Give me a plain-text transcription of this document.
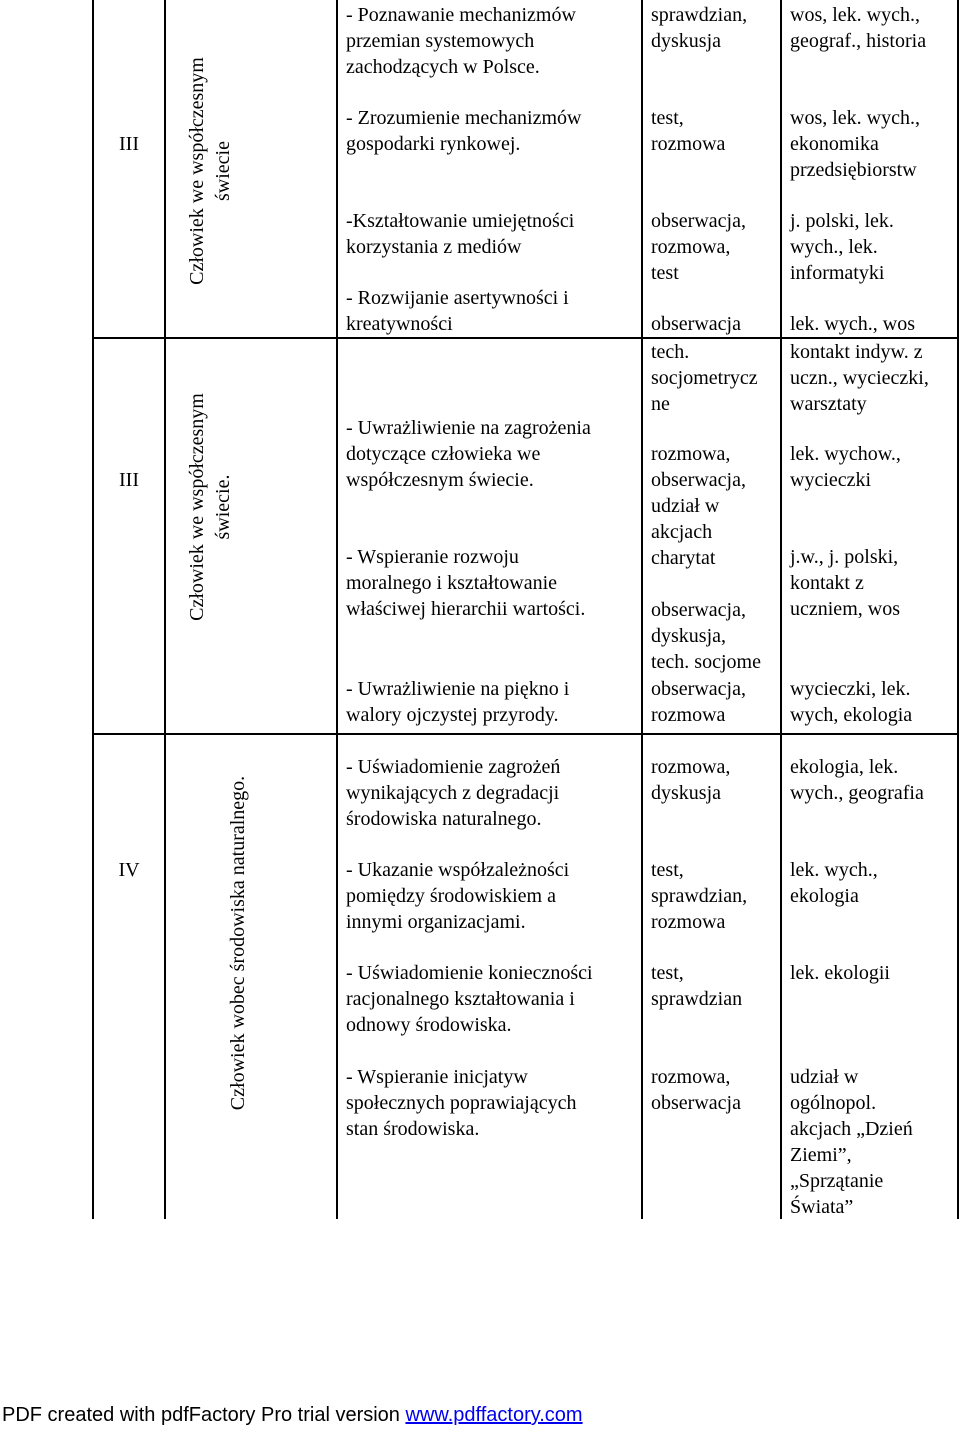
III
Człowiek we współczesnym
świecie
- Poznawanie mechanizmów
przemian systemowych
zachodzących w Polsce.
- Zrozumienie mechanizmów
gospodarki rynkowej.
-Kształtowanie umiejętności
korzystania z mediów
- Rozwijanie asertywności i
kreatywności
sprawdzian,
dyskusja
test,
rozmowa
obserwacja,
rozmowa,
test
obserwacja
wos, lek. wych.,
geograf., historia
wos, lek. wych.,
ekonomika
przedsiębiorstw
j. polski, lek.
wych., lek.
informatyki
lek. wych., wos
III
Człowiek we współczesnym
świecie.
- Uwrażliwienie na zagrożenia
dotyczące człowieka we
współczesnym świecie.
- Wspieranie rozwoju
moralnego i kształtowanie
właściwej hierarchii wartości.
- Uwrażliwienie na piękno i
walory ojczystej przyrody.
tech.
socjometrycz
ne
rozmowa,
obserwacja,
udział w
akcjach
charytat
obserwacja,
dyskusja,
tech. socjome
obserwacja,
rozmowa
kontakt indyw. z
uczn., wycieczki,
warsztaty
lek. wychow.,
wycieczki
j.w., j. polski,
kontakt z
uczniem, wos
wycieczki, lek.
wych, ekologia
IV	Człowiek wobec środowiska naturalnego.
- Uświadomienie zagrożeń
wynikających z degradacji
środowiska naturalnego.
- Ukazanie współzależności
pomiędzy środowiskiem a
innymi organizacjami.
- Uświadomienie konieczności
racjonalnego kształtowania i
odnowy środowiska.
- Wspieranie inicjatyw
społecznych poprawiających
stan środowiska.
rozmowa,
dyskusja
test,
sprawdzian,
rozmowa
test,
sprawdzian
rozmowa,
obserwacja
ekologia, lek.
wych., geografia
lek. wych.,
ekologia
lek. ekologii
udział w
ogólnopol.
akcjach „Dzień
Ziemi”,
„Sprzątanie
Świata”
PDF created with pdfFactory Pro trial version www.pdffactory.com
